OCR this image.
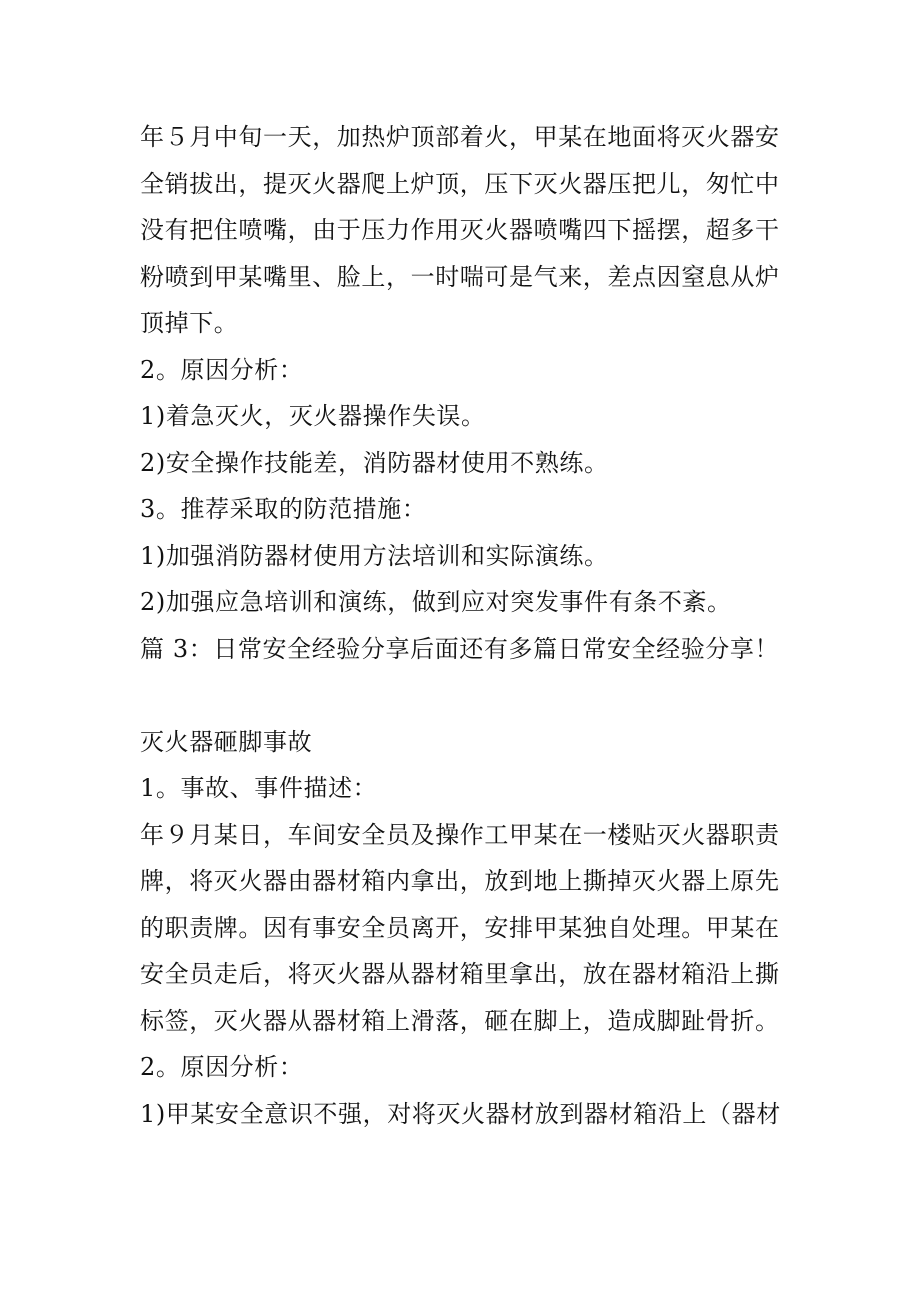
年５月中旬一天，加热炉顶部着火，甲某在地面将灭火器安
全销拔出，提灭火器爬上炉顶，压下灭火器压把儿，匆忙中
没有把住喷嘴，由于压力作用灭火器喷嘴四下摇摆，超多干
粉喷到甲某嘴里、脸上，一时喘可是气来，差点因窒息从炉
顶掉下。
2。原因分析：
1)着急灭火，灭火器操作失误。
2)安全操作技能差，消防器材使用不熟练。
3。推荐采取的防范措施：
1)加强消防器材使用方法培训和实际演练。
2)加强应急培训和演练，做到应对突发事件有条不紊。
篇 3：日常安全经验分享后面还有多篇日常安全经验分享！
灭火器砸脚事故
1。事故、事件描述：
年９月某日，车间安全员及操作工甲某在一楼贴灭火器职责
牌，将灭火器由器材箱内拿出，放到地上撕掉灭火器上原先
的职责牌。因有事安全员离开，安排甲某独自处理。甲某在
安全员走后，将灭火器从器材箱里拿出，放在器材箱沿上撕
标签，灭火器从器材箱上滑落，砸在脚上，造成脚趾骨折。
2。原因分析：
1)甲某安全意识不强，对将灭火器材放到器材箱沿上（器材
